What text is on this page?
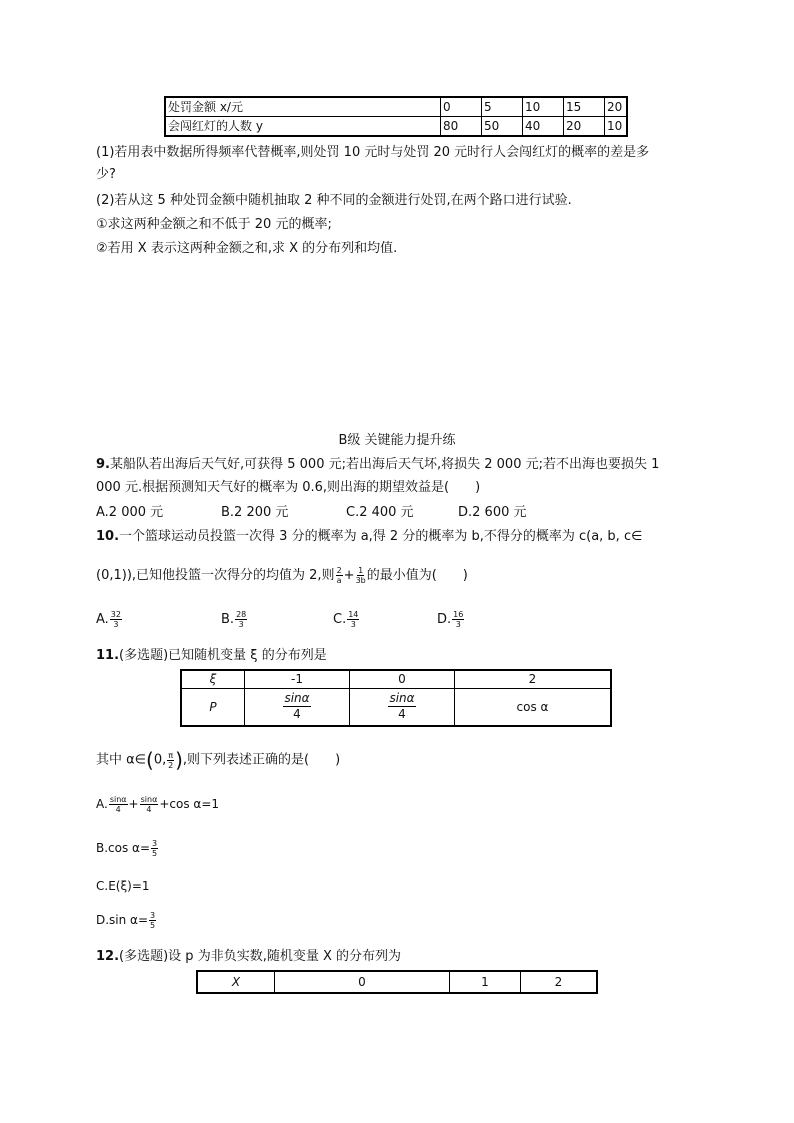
处罚金额 x/元	0	5	10	15	20
会闯红灯的人数 y	80	50	40	20	10
(1)若用表中数据所得频率代替概率,则处罚 10 元时与处罚 20 元时行人会闯红灯的概率的差是多
少?
(2)若从这 5 种处罚金额中随机抽取 2 种不同的金额进行处罚,在两个路口进行试验.
①求这两种金额之和不低于 20 元的概率;
②若用 X 表示这两种金额之和,求 X 的分布列和均值.
B级 关键能力提升练
9.某船队若出海后天气好,可获得 5 000 元;若出海后天气坏,将损失 2 000 元;若不出海也要损失 1
000 元.根据预测知天气好的概率为 0.6,则出海的期望效益是(　　)
A.2 000 元	B.2 200 元	C.2 400 元	D.2 600 元
10.一个篮球运动员投篮一次得 3 分的概率为 a,得 2 分的概率为 b,不得分的概率为 c(a, b, c∈
(0,1)),已知他投篮一次得分的均值为 2,则 $\frac{2}{a} + \frac{1}{3b}$ 的最小值为(　　)
A. $\frac{32}{3}$	B. $\frac{28}{3}$	C. $\frac{14}{3}$	D. $\frac{16}{3}$
11.(多选题)已知随机变量 ξ 的分布列是
ξ	-1	0	2
P	$\frac{\sin\alpha}{4}$	$\frac{\sin\alpha}{4}$	cos α
其中 α∈(0, $\frac{\pi}{2}$ ),则下列表述正确的是(　　)
A. $\frac{\sin\alpha}{4} + \frac{\sin\alpha}{4} +\cos$ α=1
B.cos $\alpha= \frac{3}{5}$
C.E(ξ)=1
D.sin $\alpha= \frac{3}{5}$
12.(多选题)设 p 为非负实数,随机变量 X 的分布列为
X	0	1	2
